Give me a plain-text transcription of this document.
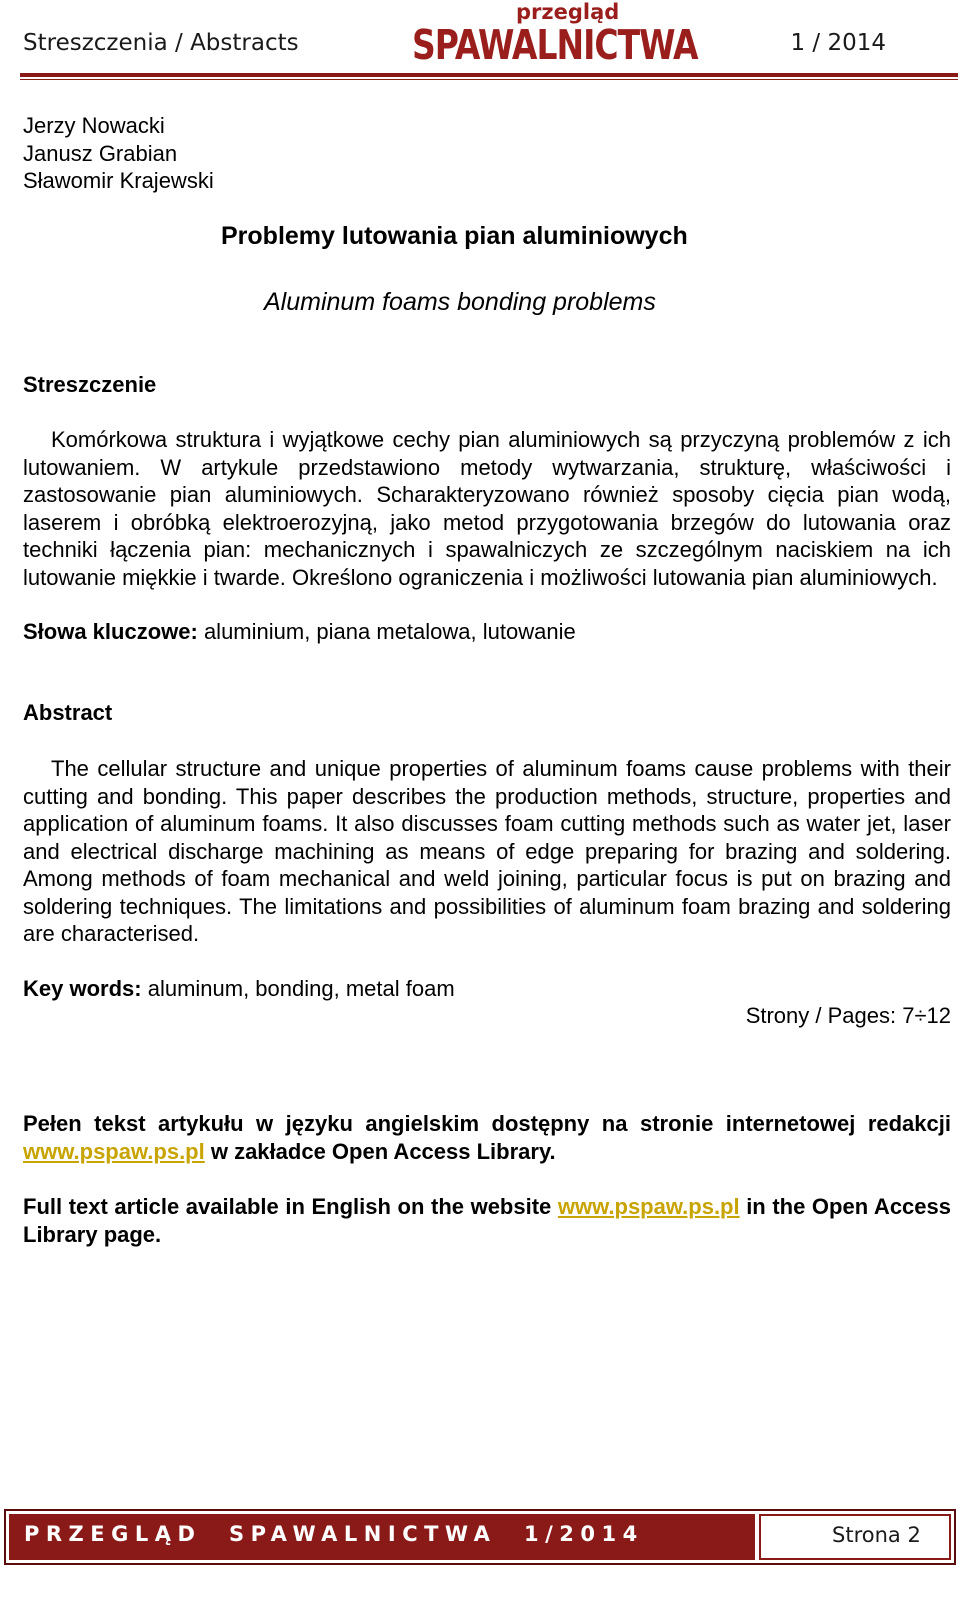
Streszczenia / Abstracts
przegląd
SPAWALNICTWA	1 / 2014
Jerzy Nowacki
Janusz Grabian
Sławomir Krajewski
Problemy lutowania pian aluminiowych
Aluminum foams bonding problems
Streszczenie
Komórkowa struktura i wyjątkowe cechy pian aluminiowych są przyczyną problemów z ich lutowaniem. W artykule przedstawiono metody wytwarzania, strukturę, właściwości i zastosowanie pian aluminiowych. Scharakteryzowano również sposoby cięcia pian wodą, laserem i obróbką elektroerozyjną, jako metod przygotowania brzegów do lutowania oraz techniki łączenia pian: mechanicznych i spawalniczych ze szczególnym naciskiem na ich lutowanie miękkie i twarde. Określono ograniczenia i możliwości lutowania pian aluminiowych.
Słowa kluczowe: aluminium, piana metalowa, lutowanie
Abstract
The cellular structure and unique properties of aluminum foams cause problems with their cutting and bonding. This paper describes the production methods, structure, properties and application of aluminum foams. It also discusses foam cutting methods such as water jet, laser and electrical discharge machining as means of edge preparing for brazing and soldering. Among methods of foam mechanical and weld joining, particular focus is put on brazing and soldering techniques. The limitations and possibilities of aluminum foam brazing and soldering are characterised.
Key words: aluminum, bonding, metal foam
Strony / Pages: 7÷12
Pełen tekst artykułu w języku angielskim dostępny na stronie internetowej redakcji www.pspaw.ps.pl w zakładce Open Access Library.
Full text article available in English on the website www.pspaw.ps.pl in the Open Access Library page.
PRZEGLĄD  SPAWALNICTWA  1/2014	Strona 2
